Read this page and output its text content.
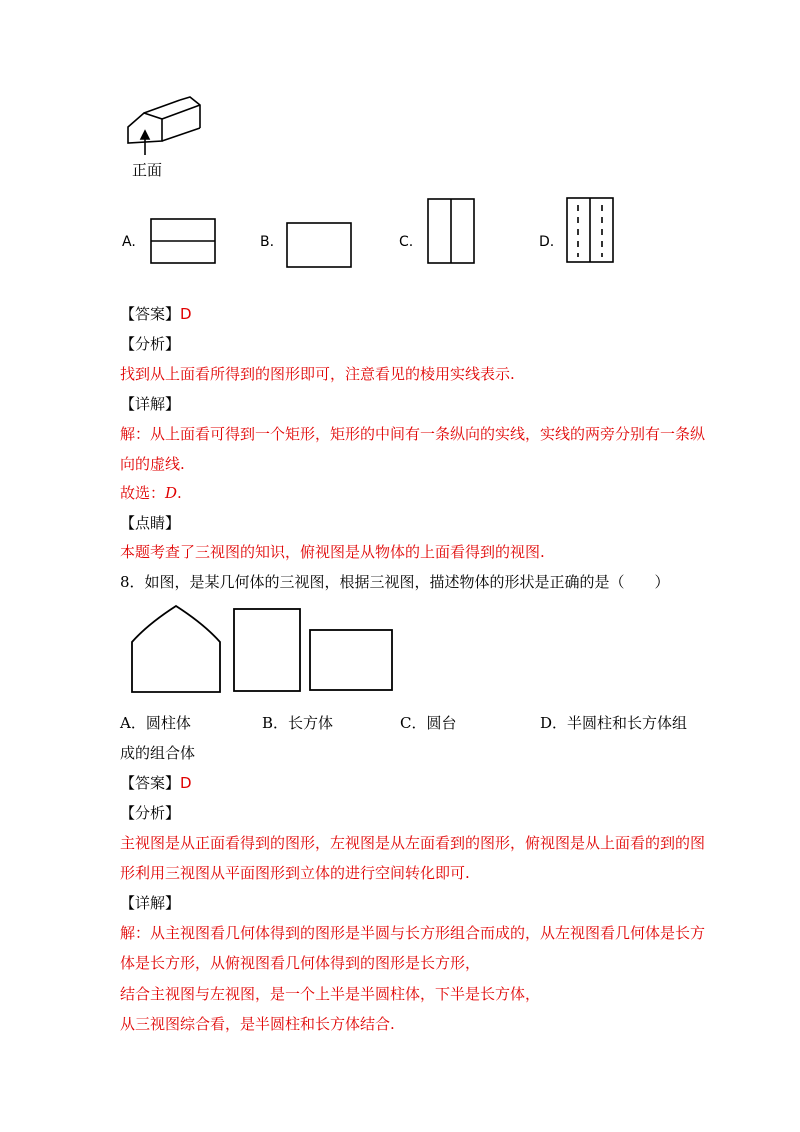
正面
A.	B.	C.	D.
【答案】D
【分析】
找到从上面看所得到的图形即可，注意看见的棱用实线表示.
【详解】
解：从上面看可得到一个矩形，矩形的中间有一条纵向的实线，实线的两旁分别有一条纵
向的虚线.
故选：D.
【点睛】
本题考查了三视图的知识，俯视图是从物体的上面看得到的视图.
8．如图，是某几何体的三视图，根据三视图，描述物体的形状是正确的是（　　）
A．圆柱体	B．长方体	C．圆台	D．半圆柱和长方体组
成的组合体
【答案】D
【分析】
主视图是从正面看得到的图形，左视图是从左面看到的图形，俯视图是从上面看的到的图
形利用三视图从平面图形到立体的进行空间转化即可.
【详解】
解：从主视图看几何体得到的图形是半圆与长方形组合而成的，从左视图看几何体是长方
体是长方形，从俯视图看几何体得到的图形是长方形，
结合主视图与左视图，是一个上半是半圆柱体，下半是长方体，
从三视图综合看，是半圆柱和长方体结合.
